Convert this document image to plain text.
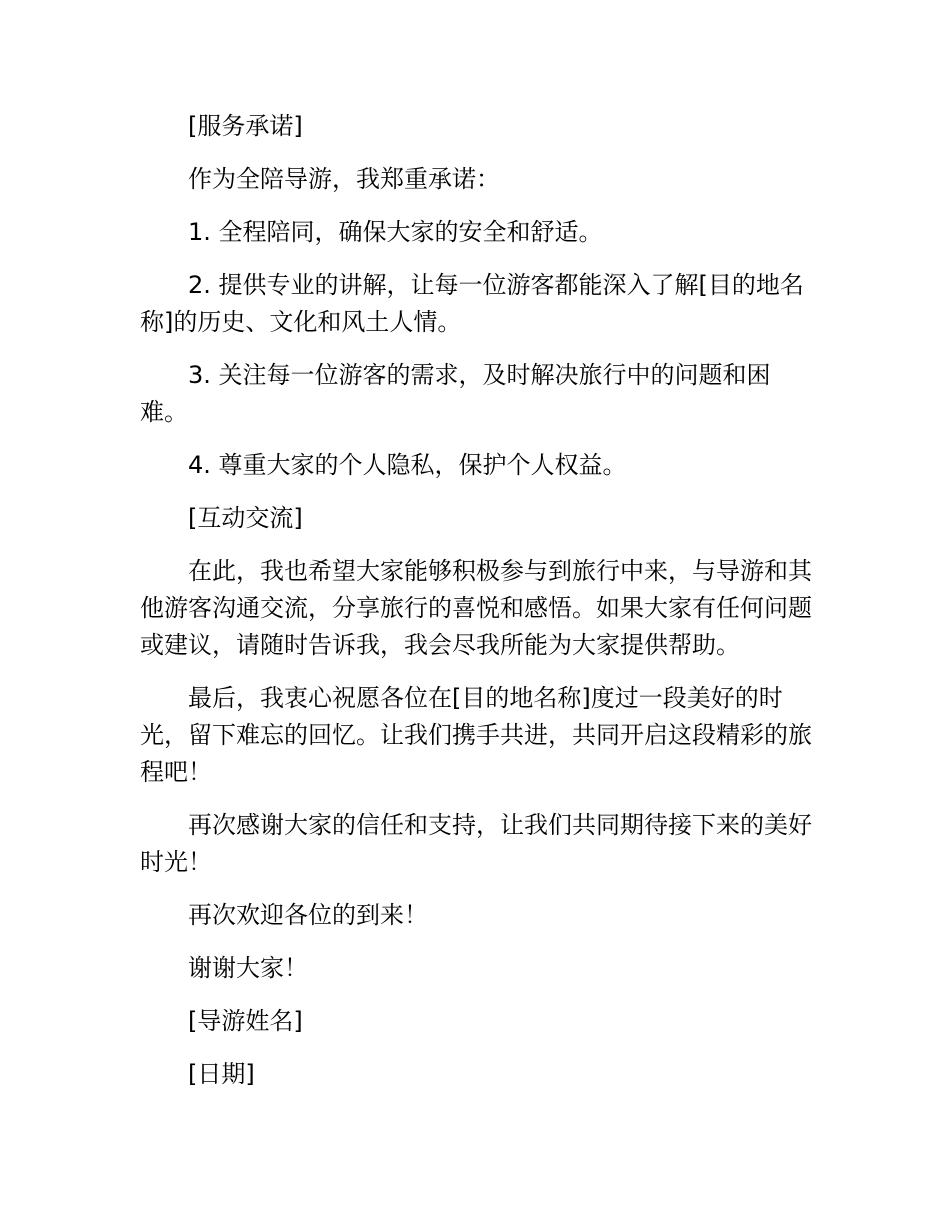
[服务承诺]

作为全陪导游，我郑重承诺：

1. 全程陪同，确保大家的安全和舒适。

2. 提供专业的讲解，让每一位游客都能深入了解[目的地名称]的历史、文化和风土人情。

3. 关注每一位游客的需求，及时解决旅行中的问题和困难。

4. 尊重大家的个人隐私，保护个人权益。

[互动交流]

在此，我也希望大家能够积极参与到旅行中来，与导游和其他游客沟通交流，分享旅行的喜悦和感悟。如果大家有任何问题或建议，请随时告诉我，我会尽我所能为大家提供帮助。

最后，我衷心祝愿各位在[目的地名称]度过一段美好的时光，留下难忘的回忆。让我们携手共进，共同开启这段精彩的旅程吧！

再次感谢大家的信任和支持，让我们共同期待接下来的美好时光！

再次欢迎各位的到来！

谢谢大家！

[导游姓名]

[日期]
